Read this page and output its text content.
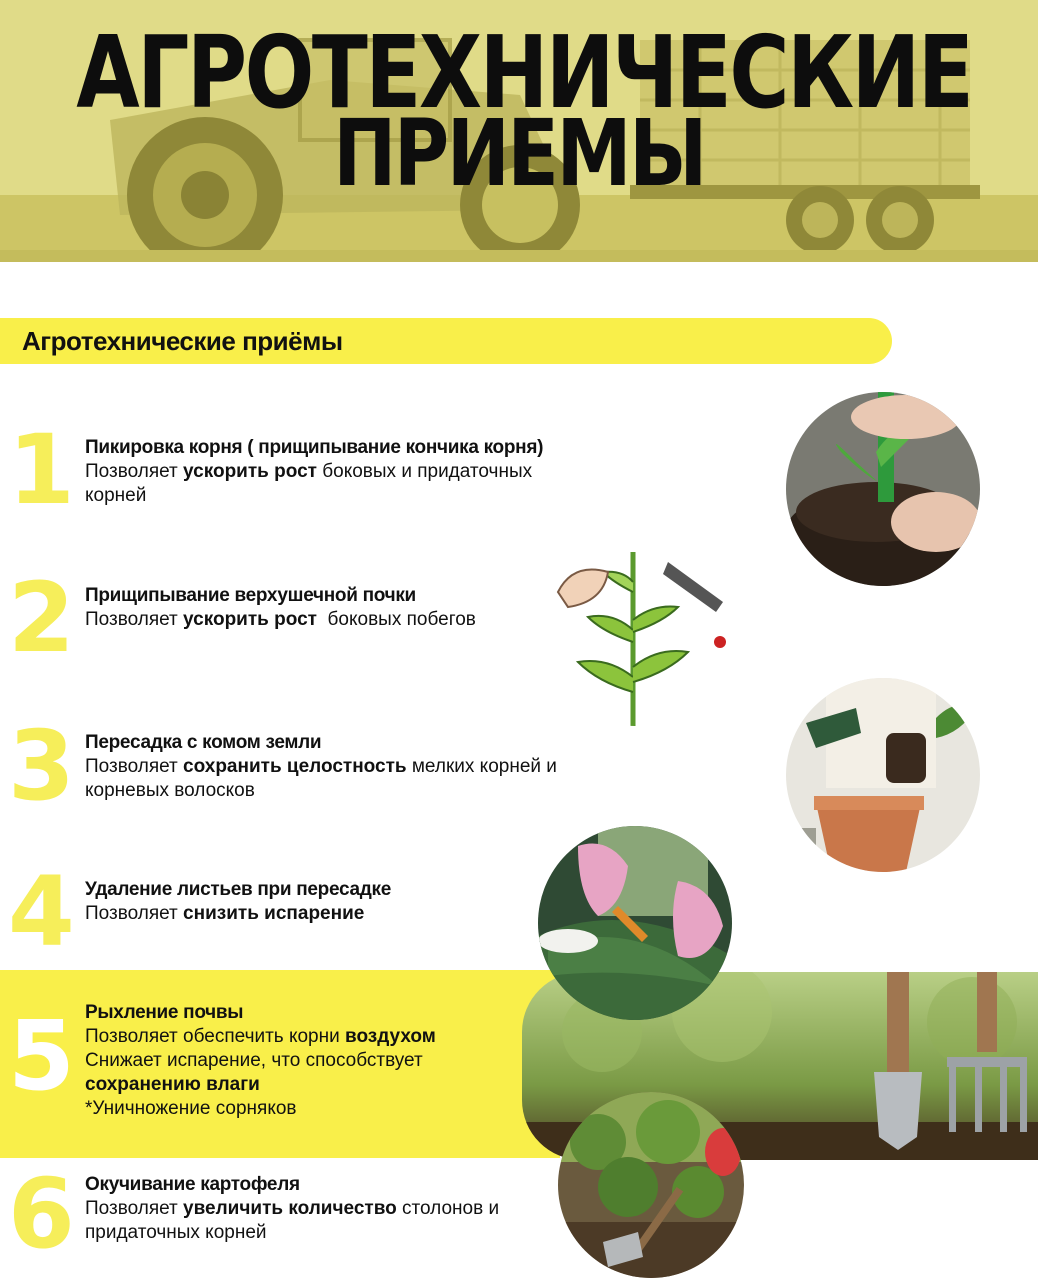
АГРОТЕХНИЧЕСКИЕ
ПРИЕМЫ
Агротехнические приёмы
1 Пикировка корня ( прищипывание кончика корня)
Позволяет ускорить рост боковых и придаточных корней
2 Прищипывание верхушечной почки
Позволяет ускорить рост  боковых побегов
3 Пересадка с комом земли
Позволяет сохранить целостность мелких корней и корневых волосков
4 Удаление листьев при пересадке
Позволяет снизить испарение
5 Рыхление почвы
Позволяет обеспечить корни воздухом
Снижает испарение, что способствует
сохранению влаги
*Уничножение сорняков
6 Окучивание картофеля
Позволяет увеличить количество столонов и придаточных корней
